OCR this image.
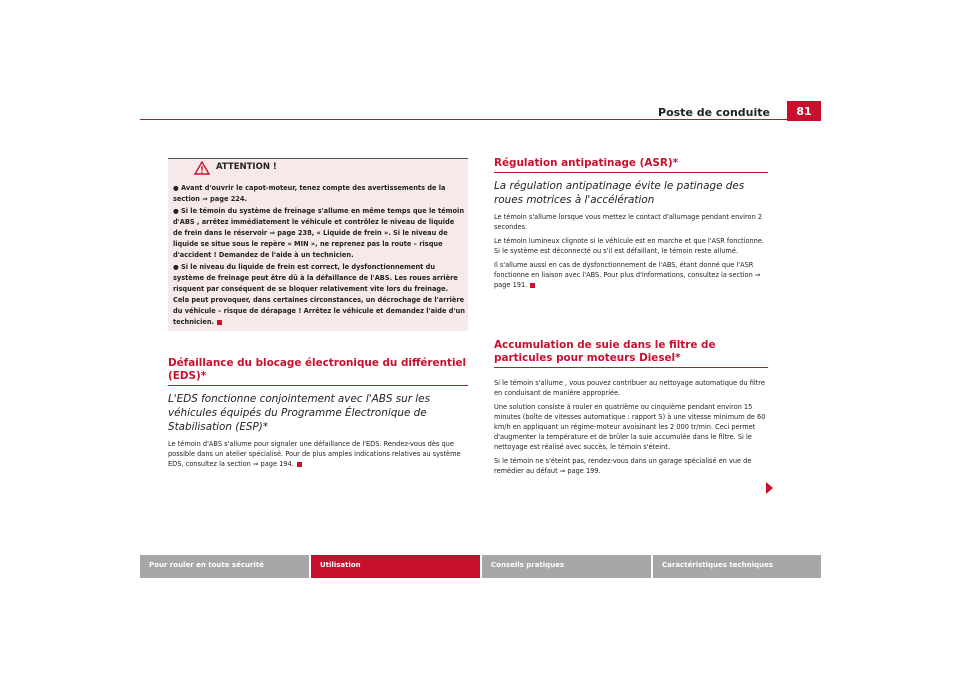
Poste de conduite	81
ATTENTION !

● Avant d'ouvrir le capot-moteur, tenez compte des avertissements de la section ⇒ page 224.

● Si le témoin du système de freinage s'allume en même temps que le témoin d'ABS , arrêtez immédiatement le véhicule et contrôlez le niveau de liquide de frein dans le réservoir ⇒ page 238, « Liquide de frein ». Si le niveau de liquide se situe sous le repère « MIN », ne reprenez pas la route – risque d'accident ! Demandez de l'aide à un technicien.

● Si le niveau du liquide de frein est correct, le dysfonctionnement du système de freinage peut être dû à la défaillance de l'ABS. Les roues arrière risquent par conséquent de se bloquer relativement vite lors du freinage. Cela peut provoquer, dans certaines circonstances, un décrochage de l'arrière du véhicule – risque de dérapage ! Arrêtez le véhicule et demandez l'aide d'un technicien.

Défaillance du blocage électronique du différentiel (EDS)*
L'EDS fonctionne conjointement avec l'ABS sur les véhicules équipés du Programme Électronique de Stabilisation (ESP)*

Le témoin d'ABS s'allume pour signaler une défaillance de l'EDS. Rendez-vous dès que possible dans un atelier spécialisé. Pour de plus amples indications relatives au système EDS, consultez la section ⇒ page 194.

Régulation antipatinage (ASR)*
La régulation antipatinage évite le patinage des roues motrices à l'accélération

Le témoin s'allume lorsque vous mettez le contact d'allumage pendant environ 2 secondes.

Le témoin lumineux clignote si le véhicule est en marche et que l'ASR fonctionne. Si le système est déconnecté ou s'il est défaillant, le témoin reste allumé.

Il s'allume aussi en cas de dysfonctionnement de l'ABS, étant donné que l'ASR fonctionne en liaison avec l'ABS. Pour plus d'informations, consultez la section ⇒ page 191.

Accumulation de suie dans le filtre de particules pour moteurs Diesel*

Si le témoin s'allume , vous pouvez contribuer au nettoyage automatique du filtre en conduisant de manière appropriée.

Une solution consiste à rouler en quatrième ou cinquième pendant environ 15 minutes (boîte de vitesses automatique : rapport S) à une vitesse minimum de 60 km/h en appliquant un régime-moteur avoisinant les 2 000 tr/min. Ceci permet d'augmenter la température et de brûler la suie accumulée dans le filtre. Si le nettoyage est réalisé avec succès, le témoin s'éteint.

Si le témoin ne s'éteint pas, rendez-vous dans un garage spécialisé en vue de remédier au défaut ⇒ page 199.

Pour rouler en toute sécurité	Utilisation	Conseils pratiques	Caractéristiques techniques
